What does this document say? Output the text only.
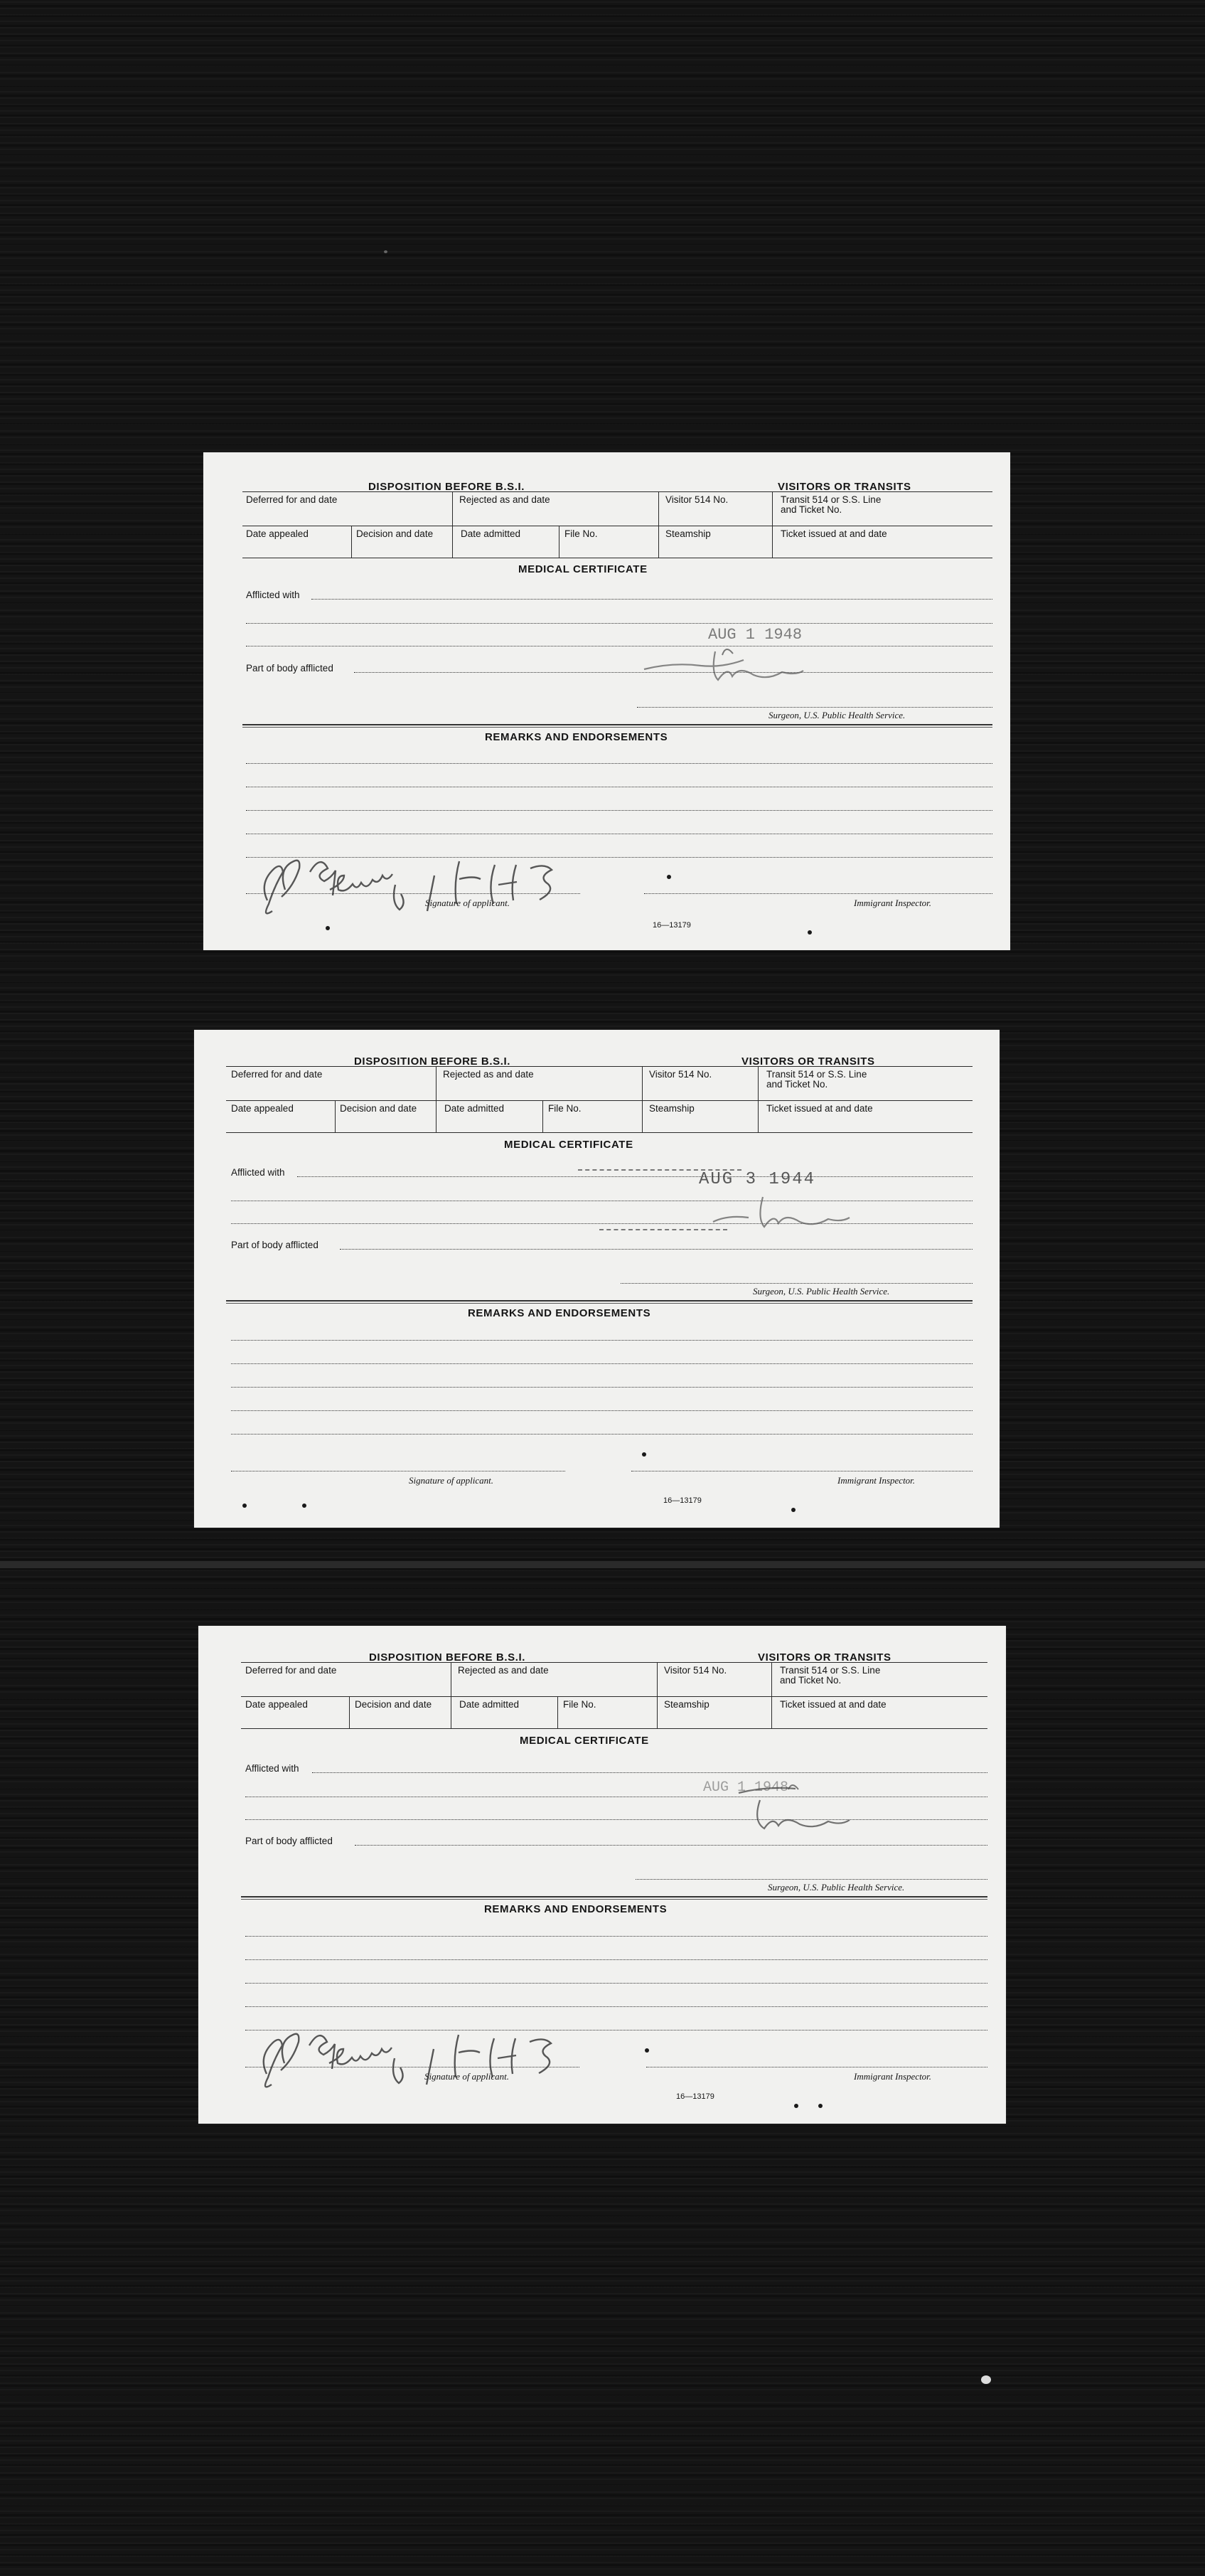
DISPOSITION BEFORE B.S.I.	VISITORS OR TRANSITS
Deferred for and date	Rejected as and date	Visitor 514 No.	Transit 514 or S.S. Line
and Ticket No.
Date appealed	Decision and date	Date admitted	File No.	Steamship	Ticket issued at and date
MEDICAL CERTIFICATE
Afflicted with
Part of body afflicted
Surgeon, U.S. Public Health Service.
AUG 1 1948
REMARKS AND ENDORSEMENTS
Signature of applicant.	Immigrant Inspector.
16—13179
DISPOSITION BEFORE B.S.I.	VISITORS OR TRANSITS
Deferred for and date	Rejected as and date	Visitor 514 No.	Transit 514 or S.S. Line
and Ticket No.
Date appealed	Decision and date	Date admitted	File No.	Steamship	Ticket issued at and date
MEDICAL CERTIFICATE
Afflicted with
Part of body afflicted
Surgeon, U.S. Public Health Service.
AUG 3 1944
REMARKS AND ENDORSEMENTS
Signature of applicant.	Immigrant Inspector.
16—13179
DISPOSITION BEFORE B.S.I.	VISITORS OR TRANSITS
Deferred for and date	Rejected as and date	Visitor 514 No.	Transit 514 or S.S. Line
and Ticket No.
Date appealed	Decision and date	Date admitted	File No.	Steamship	Ticket issued at and date
MEDICAL CERTIFICATE
Afflicted with
Part of body afflicted
Surgeon, U.S. Public Health Service.
AUG 1 1948
REMARKS AND ENDORSEMENTS
Signature of applicant.	Immigrant Inspector.
16—13179
